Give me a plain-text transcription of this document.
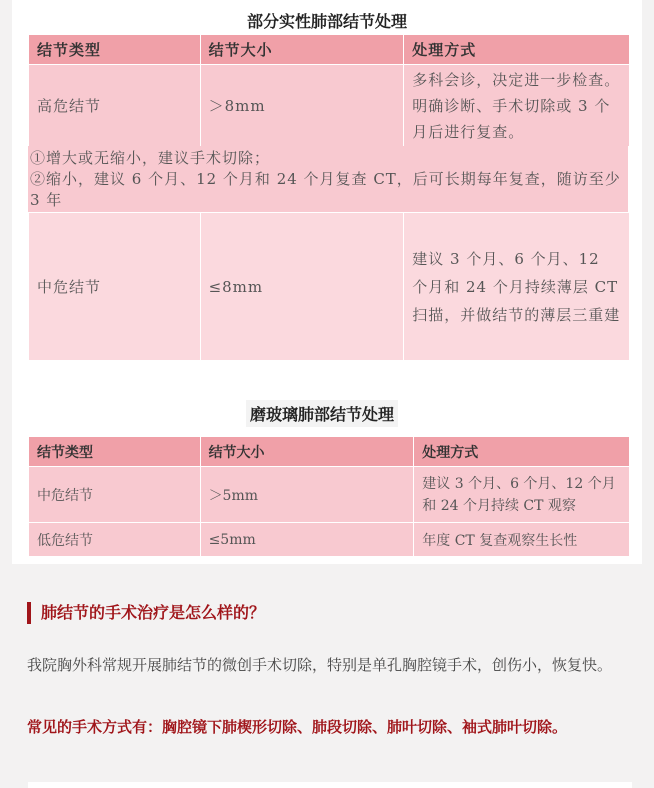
部分实性肺部结节处理
结节类型	结节大小	处理方式
高危结节	＞8mm	多科会诊，决定进一步检查。明确诊断、手术切除或 3 个月后进行复查。
①增大或无缩小，建议手术切除；
②缩小，建议 6 个月、12 个月和 24 个月复查 CT，后可长期每年复查，随访至少 3 年
中危结节	≤8mm	建议 3 个月、6 个月、12 个月和 24 个月持续薄层 CT 扫描，并做结节的薄层三重建
磨玻璃肺部结节处理
结节类型	结节大小	处理方式
中危结节	＞5mm	建议 3 个月、6 个月、12 个月和 24 个月持续 CT 观察
低危结节	≤5mm	年度 CT 复查观察生长性
肺结节的手术治疗是怎么样的？
我院胸外科常规开展肺结节的微创手术切除，特别是单孔胸腔镜手术，创伤小，恢复快。
常见的手术方式有：胸腔镜下肺楔形切除、肺段切除、肺叶切除、袖式肺叶切除。
